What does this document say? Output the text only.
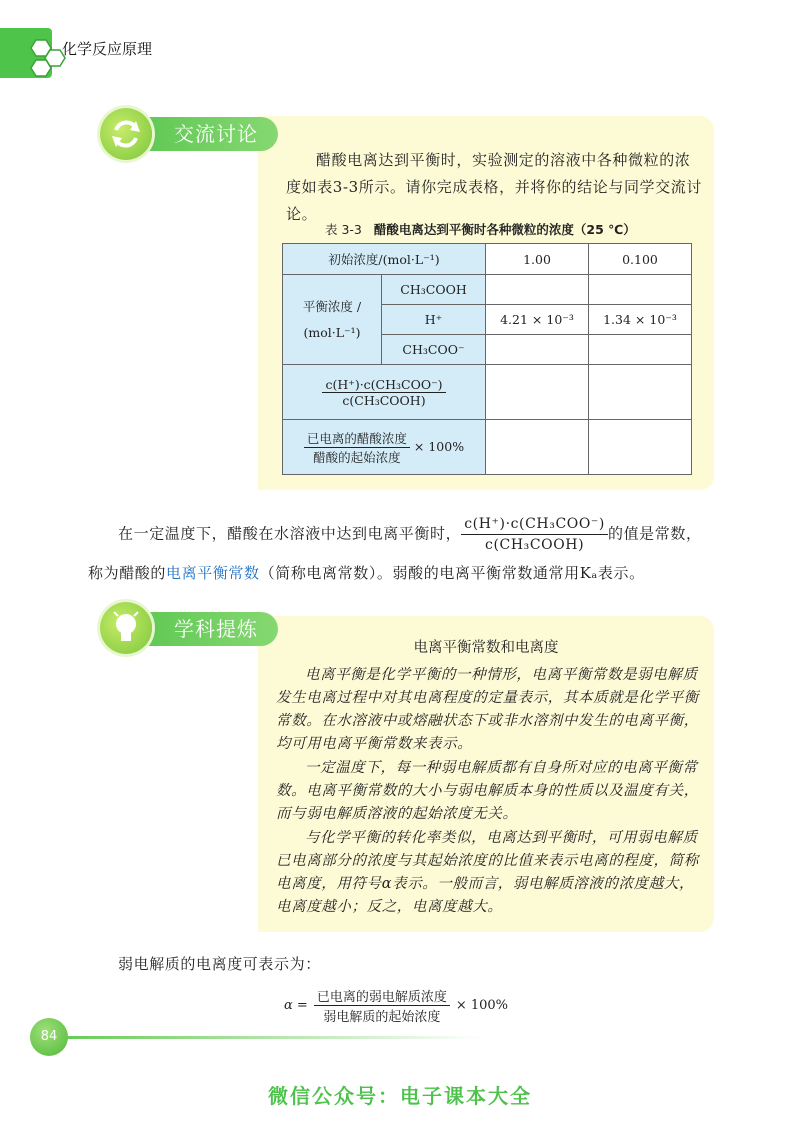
化学反应原理
交流讨论
醋酸电离达到平衡时，实验测定的溶液中各种微粒的浓度如表3-3所示。请你完成表格，并将你的结论与同学交流讨论。
表 3-3 醋酸电离达到平衡时各种微粒的浓度（25 ℃）
初始浓度/(mol·L⁻¹)		1.00	0.100

平衡浓度 /
(mol·L⁻¹)	CH₃COOH		
	H⁺	4.21 × 10⁻³	1.34 × 10⁻³
	CH₃COO⁻		

$\frac{\text{c(H⁺)·c(CH₃COO⁻)}}{\text{c(CH₃COOH)}}$

$\frac{\text{已电离的醋酸浓度}}{\text{醋酸的起始浓度}} \times 100\%$			
在一定温度下，醋酸在水溶液中达到电离平衡时， $\frac{\text{c(H⁺)·c(CH₃COO⁻)}}{\text{c(CH₃COOH)}}$ 的值是常数，
称为醋酸的电离平衡常数（简称电离常数）。弱酸的电离平衡常数通常用Kₐ表示。
学科提炼
电离平衡常数和电离度
电离平衡是化学平衡的一种情形，电离平衡常数是弱电解质发生电离过程中对其电离程度的定量表示，其本质就是化学平衡常数。在水溶液中或熔融状态下或非水溶剂中发生的电离平衡，均可用电离平衡常数来表示。
一定温度下，每一种弱电解质都有自身所对应的电离平衡常数。电离平衡常数的大小与弱电解质本身的性质以及温度有关，而与弱电解质溶液的起始浓度无关。
与化学平衡的转化率类似，电离达到平衡时，可用弱电解质已电离部分的浓度与其起始浓度的比值来表示电离的程度，简称电离度，用符号α表示。一般而言，弱电解质溶液的浓度越大，电离度越小；反之，电离度越大。
弱电解质的电离度可表示为：
$\alpha = \frac{\text{已电离的弱电解质浓度}}{\text{弱电解质的起始浓度}} \times 100\%$
84
微信公众号：电子课本大全
